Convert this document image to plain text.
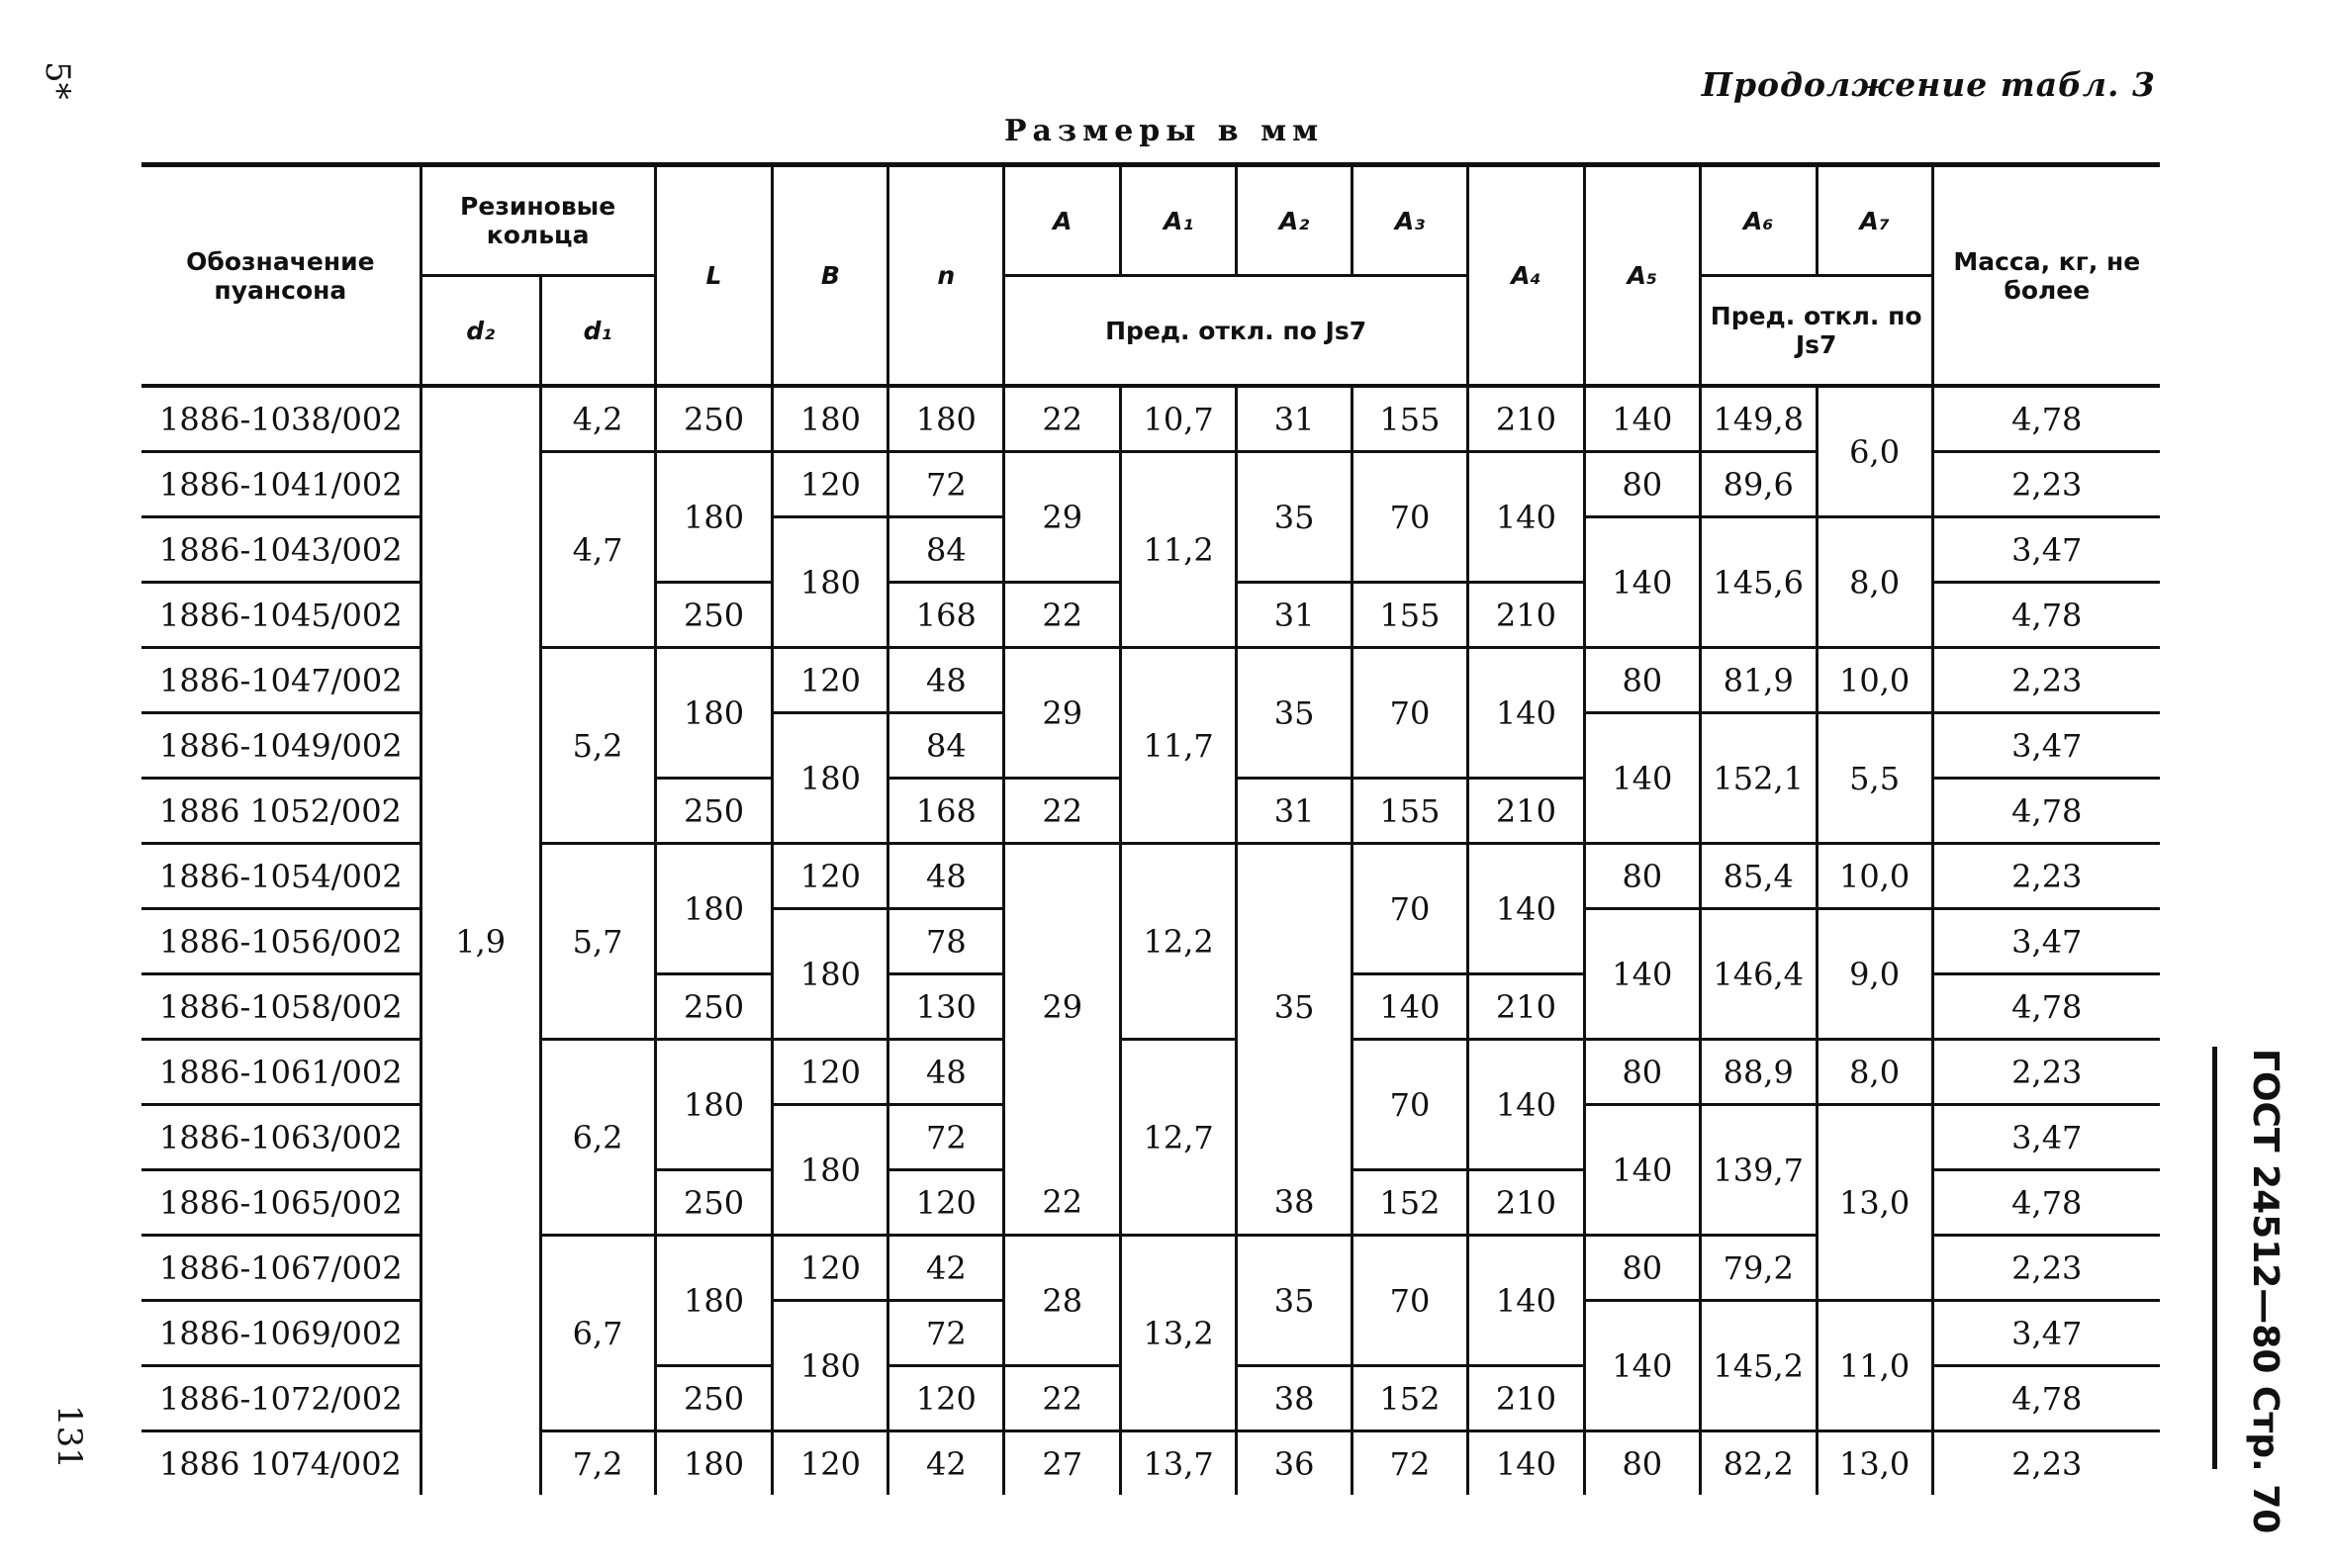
5*	Продолжение табл. 3
Размеры в мм
131	ГОСТ 24512—80 Стр. 70
Обозначение пуансона	Резиновые кольца		L	B	n	A	A₁	A₂	A₃	A₄	A₅	A₆	A₇	Масса, кг, не более
	d₂	d₁				Пред. откл. по Js7						Пред. откл. по Js7		
1886-1038/002	1,9	4,2	250	180	180	22	10,7	31	155	210	140	149,8	6,0	4,78
1886-1041/002		4,7	180	120	72	29	11,2	35	70	140	80	89,6		2,23
1886-1043/002				180	84						140	145,6	8,0	3,47
1886-1045/002			250		168	22		31	155	210				4,78
1886-1047/002		5,2	180	120	48	29	11,7	35	70	140	80	81,9	10,0	2,23
1886-1049/002				180	84						140	152,1	5,5	3,47
1886 1052/002			250		168	22		31	155	210				4,78
1886-1054/002		5,7	180	120	48	29	12,2	35	70	140	80	85,4	10,0	2,23
1886-1056/002				180	78						140	146,4	9,0	3,47
1886-1058/002			250		130				140	210				4,78
1886-1061/002		6,2	180	120	48		12,7		70	140	80	88,9	8,0	2,23
1886-1063/002				180	72						140	139,7	13,0	3,47
1886-1065/002			250		120	22		38	152	210				4,78
1886-1067/002		6,7	180	120	42	28	13,2	35	70	140	80	79,2		2,23
1886-1069/002				180	72						140	145,2	11,0	3,47
1886-1072/002			250		120	22		38	152	210				4,78
1886 1074/002		7,2	180	120	42	27	13,7	36	72	140	80	82,2	13,0	2,23
